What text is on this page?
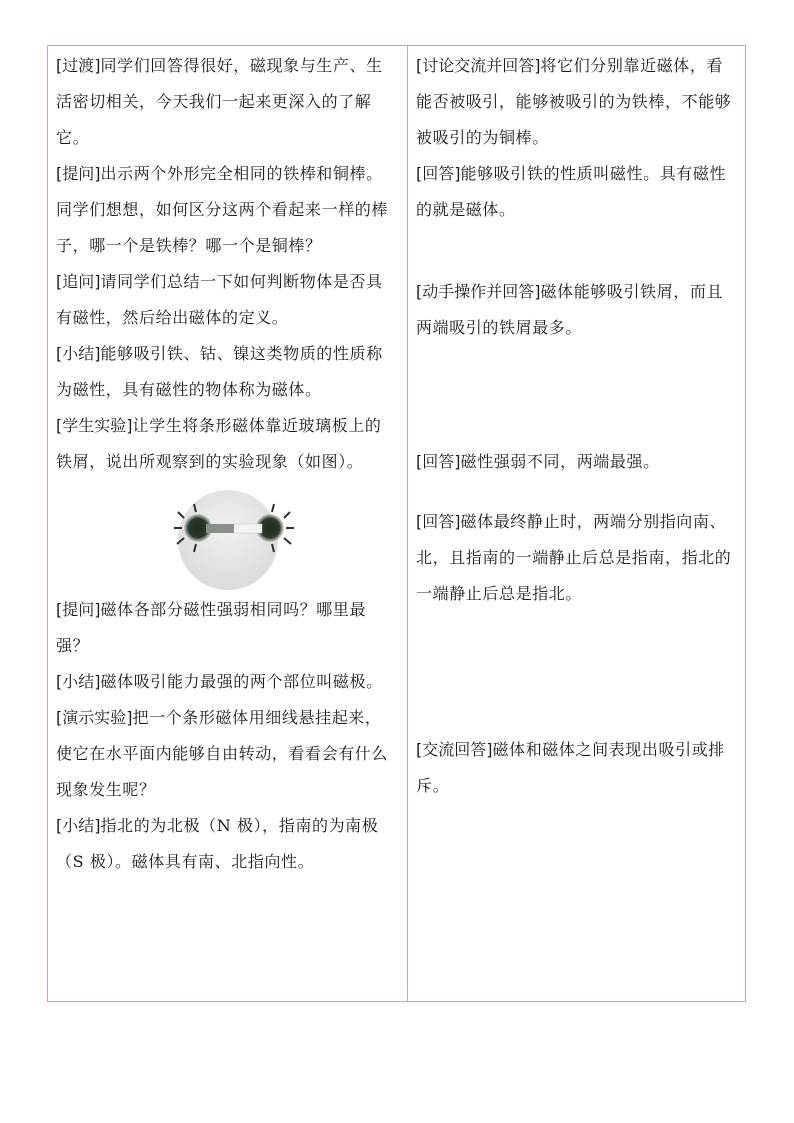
[过渡]同学们回答得很好，磁现象与生产、生活密切相关，今天我们一起来更深入的了解它。

[提问]出示两个外形完全相同的铁棒和铜棒。同学们想想，如何区分这两个看起来一样的棒子，哪一个是铁棒？哪一个是铜棒？

[追问]请同学们总结一下如何判断物体是否具有磁性，然后给出磁体的定义。

[小结]能够吸引铁、钴、镍这类物质的性质称为磁性，具有磁性的物体称为磁体。

[学生实验]让学生将条形磁体靠近玻璃板上的铁屑，说出所观察到的实验现象（如图）。

[提问]磁体各部分磁性强弱相同吗？哪里最强？

[小结]磁体吸引能力最强的两个部位叫磁极。

[演示实验]把一个条形磁体用细线悬挂起来，使它在水平面内能够自由转动，看看会有什么现象发生呢？

[小结]指北的为北极（N 极），指南的为南极（S 极）。磁体具有南、北指向性。

[讨论交流并回答]将它们分别靠近磁体，看能否被吸引，能够被吸引的为铁棒，不能够被吸引的为铜棒。

[回答]能够吸引铁的性质叫磁性。具有磁性的就是磁体。

[动手操作并回答]磁体能够吸引铁屑，而且两端吸引的铁屑最多。

[回答]磁性强弱不同，两端最强。

[回答]磁体最终静止时，两端分别指向南、北，且指南的一端静止后总是指南，指北的一端静止后总是指北。

[交流回答]磁体和磁体之间表现出吸引或排斥。
